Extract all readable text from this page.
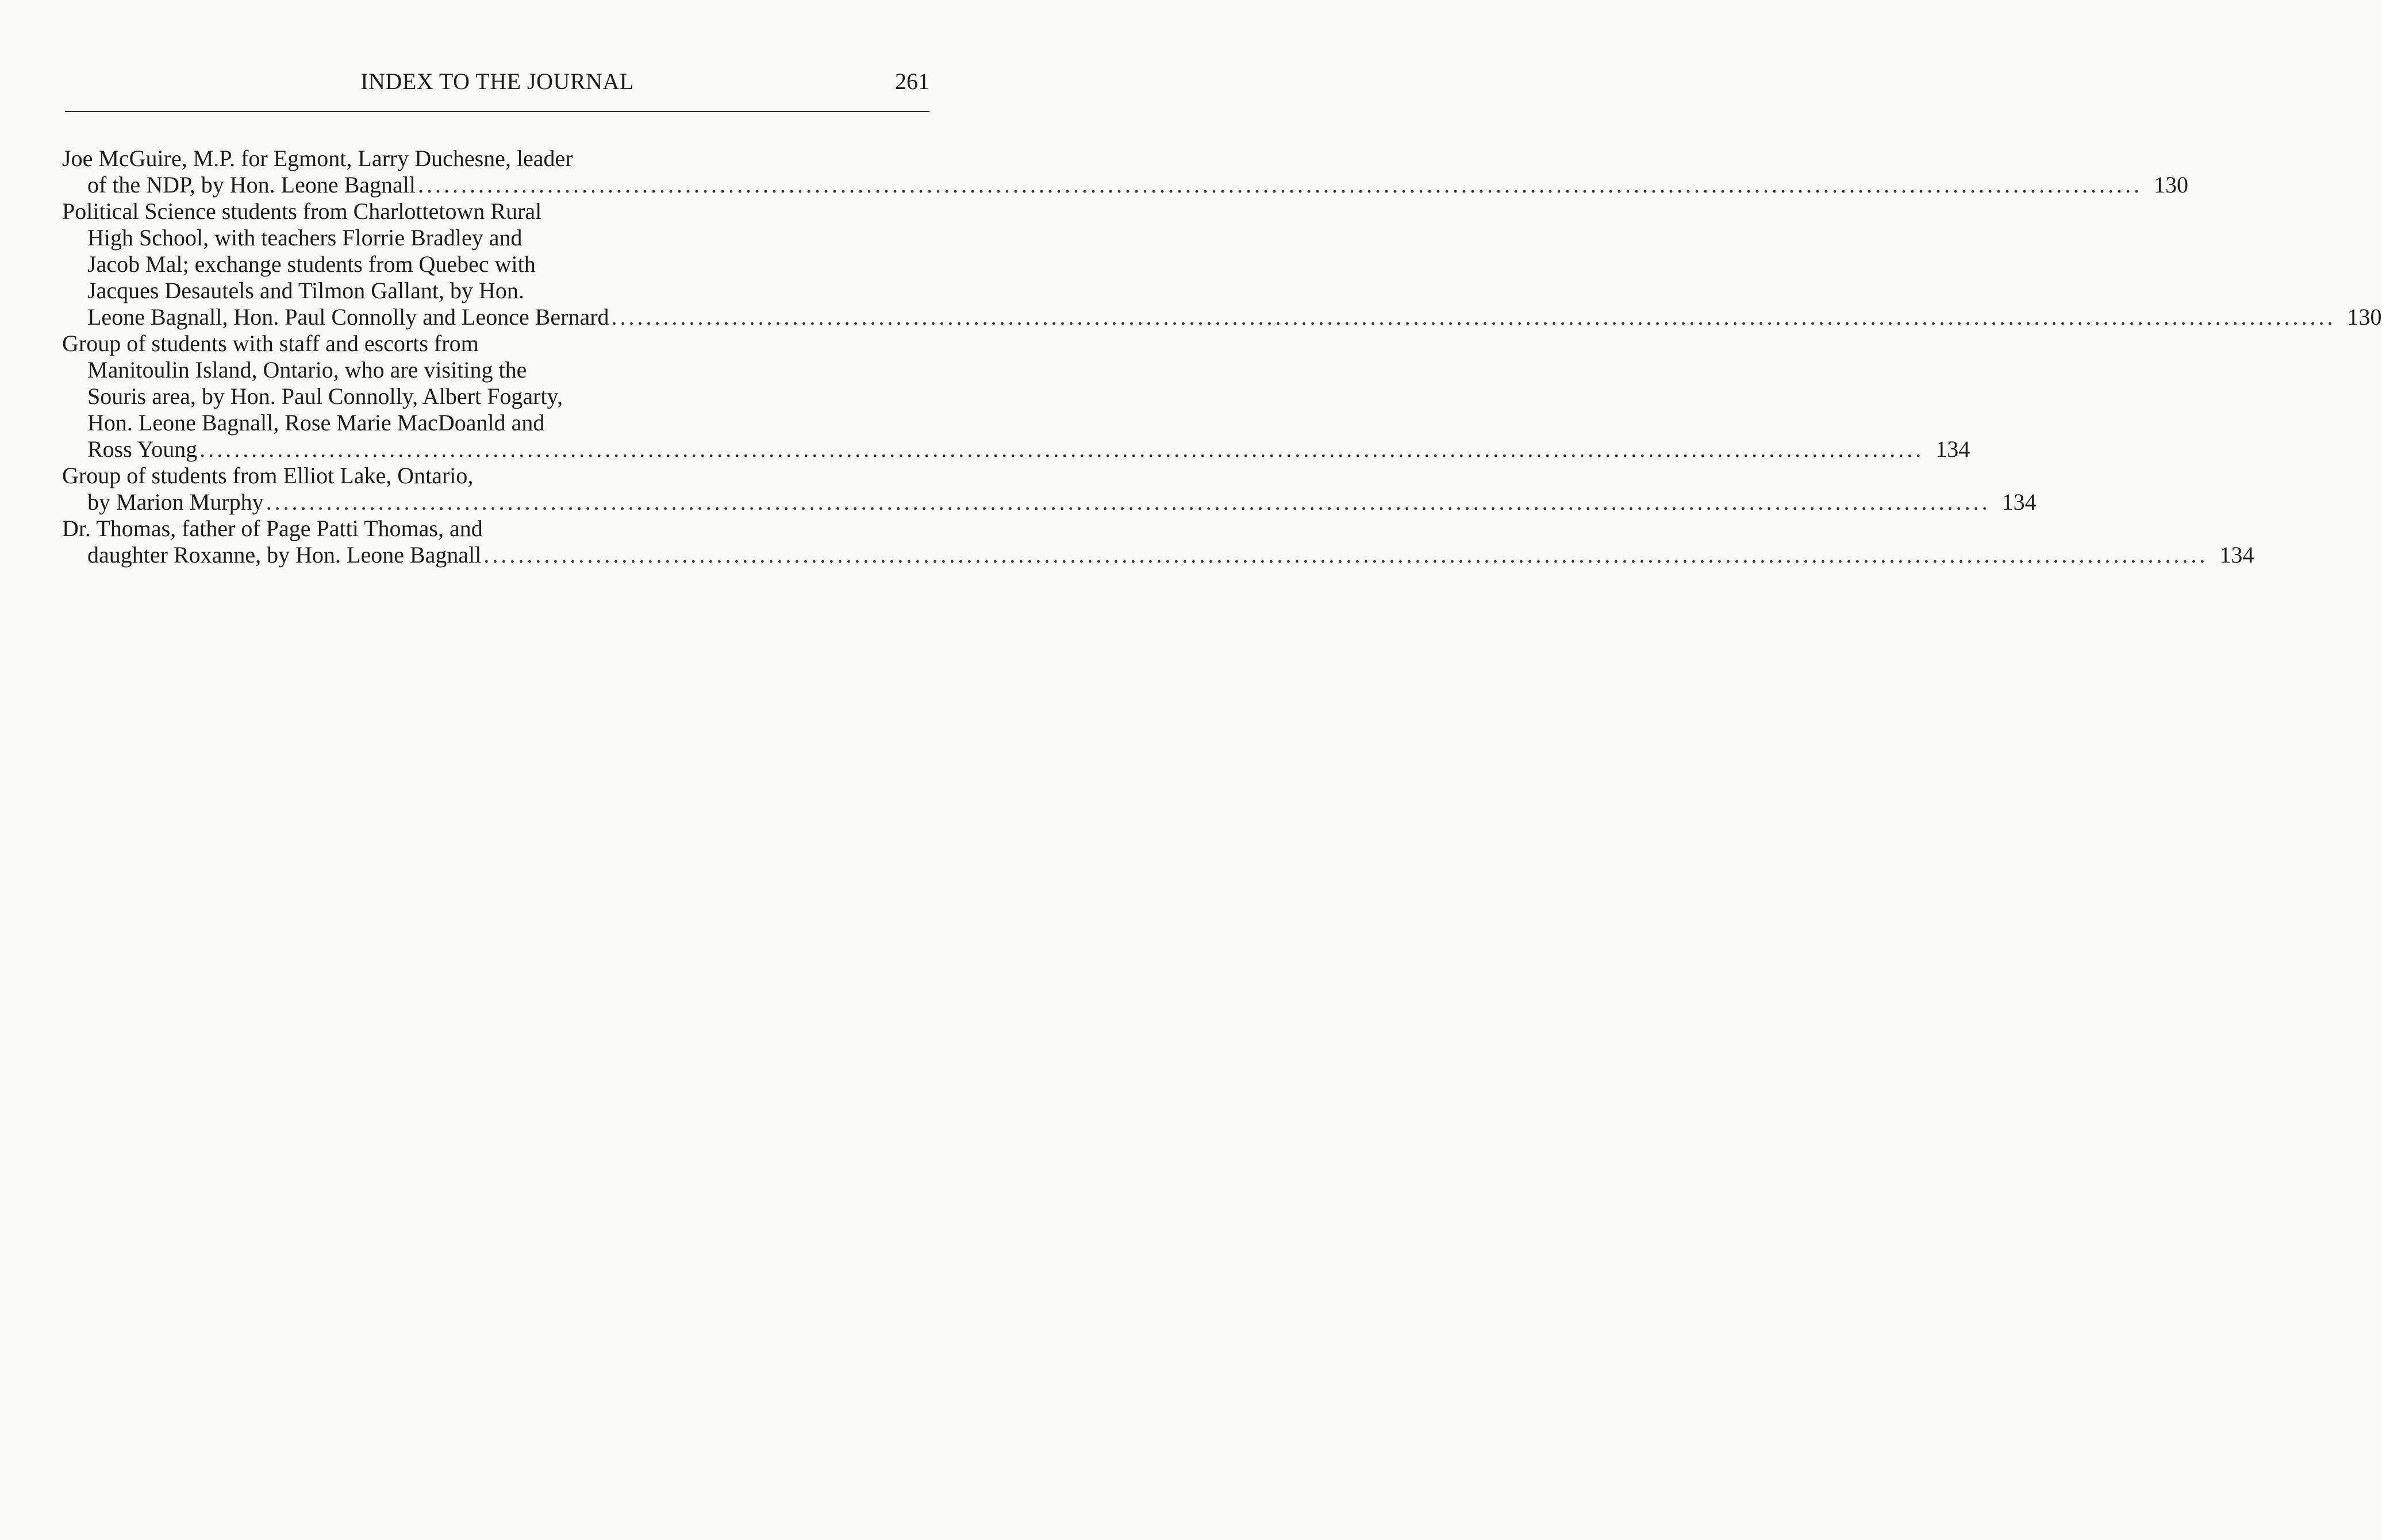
INDEX TO THE JOURNAL	261
Joe McGuire, M.P. for Egmont, Larry Duchesne, leader
of the NDP, by Hon. Leone Bagnall ........................................................................................................................................................................................................ 130
Political Science students from Charlottetown Rural
High School, with teachers Florrie Bradley and
Jacob Mal; exchange students from Quebec with
Jacques Desautels and Tilmon Gallant, by Hon.
Leone Bagnall, Hon. Paul Connolly and Leonce Bernard ........................................................................................................................................................................................................ 130
Group of students with staff and escorts from
Manitoulin Island, Ontario, who are visiting the
Souris area, by Hon. Paul Connolly, Albert Fogarty,
Hon. Leone Bagnall, Rose Marie MacDoanld and
Ross Young ........................................................................................................................................................................................................ 134
Group of students from Elliot Lake, Ontario,
by Marion Murphy ........................................................................................................................................................................................................ 134
Dr. Thomas, father of Page Patti Thomas, and
daughter Roxanne, by Hon. Leone Bagnall ........................................................................................................................................................................................................ 134
